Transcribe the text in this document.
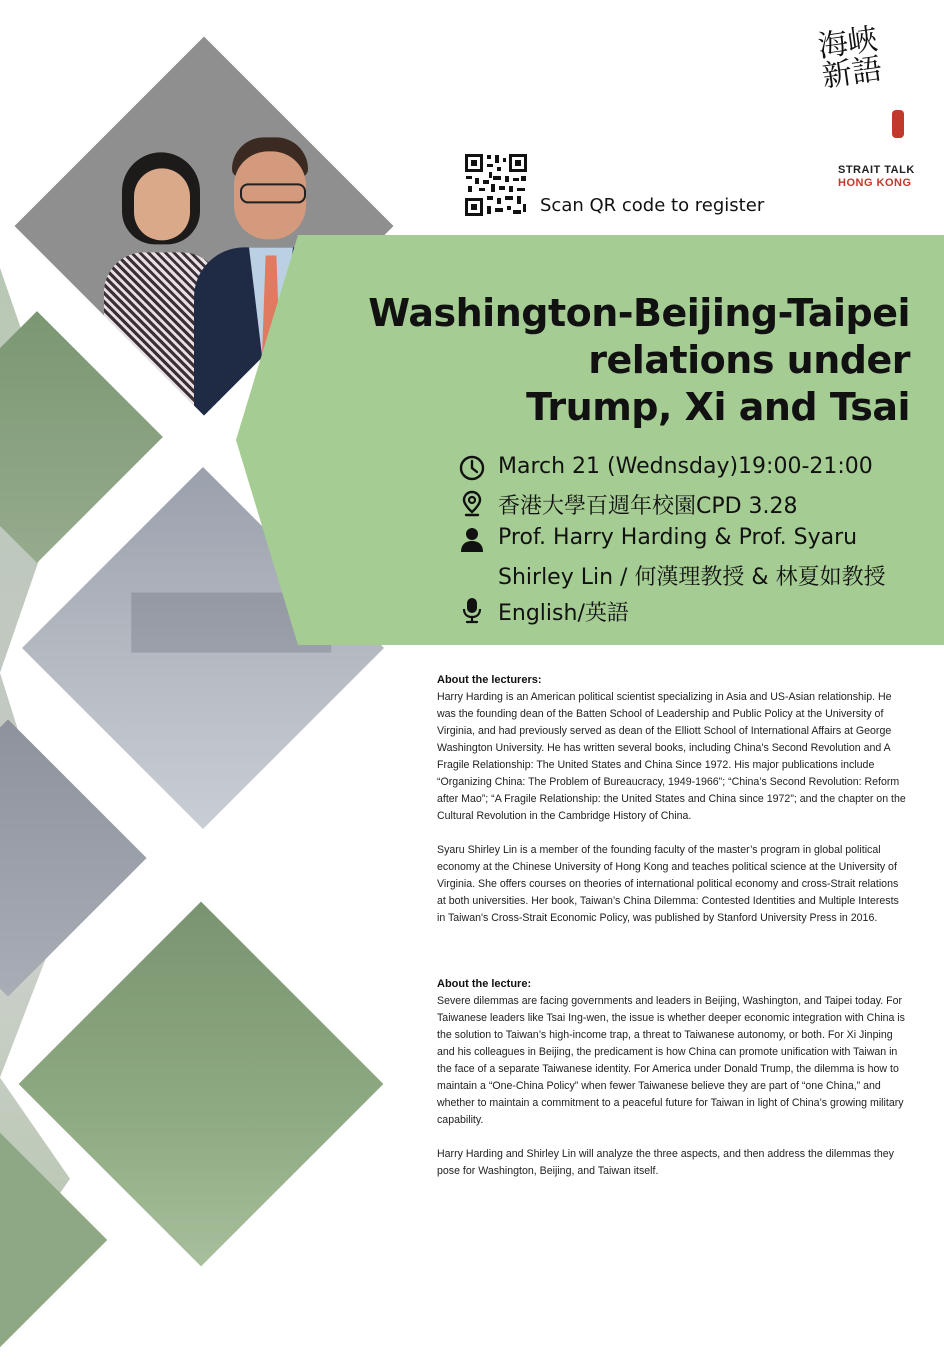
海峽新語
STRAIT TALK
HONG KONG
Scan QR code to register
Washington-Beijing-Taipei
relations under
Trump, Xi and Tsai
March 21 (Wednsday)19:00-21:00
香港大學百週年校園CPD 3.28
Prof. Harry Harding & Prof. Syaru
Shirley Lin / 何漢理教授 & 林夏如教授
English/英語
About the lecturers:

Harry Harding is an American political scientist specializing in Asia and US-Asian relationship. He was the founding dean of the Batten School of Leadership and Public Policy at the University of Virginia, and had previously served as dean of the Elliott School of International Affairs at George Washington University. He has written several books, including China's Second Revolution and A Fragile Relationship: The United States and China Since 1972. His major publications include “Organizing China: The Problem of Bureaucracy, 1949-1966”; “China’s Second Revolution: Reform after Mao”; “A Fragile Relationship: the United States and China since 1972”; and the chapter on the Cultural Revolution in the Cambridge History of China.

Syaru Shirley Lin is a member of the founding faculty of the master’s program in global political economy at the Chinese University of Hong Kong and teaches political science at the University of Virginia. She offers courses on theories of international political economy and cross-Strait relations at both universities. Her book, Taiwan’s China Dilemma: Contested Identities and Multiple Interests in Taiwan's Cross-Strait Economic Policy, was published by Stanford University Press in 2016.

About the lecture:

Severe dilemmas are facing governments and leaders in Beijing, Washington, and Taipei today. For Taiwanese leaders like Tsai Ing-wen, the issue is whether deeper economic integration with China is the solution to Taiwan’s high-income trap, a threat to Taiwanese autonomy, or both. For Xi Jinping and his colleagues in Beijing, the predicament is how China can promote unification with Taiwan in the face of a separate Taiwanese identity. For America under Donald Trump, the dilemma is how to maintain a “One-China Policy” when fewer Taiwanese believe they are part of “one China,” and whether to maintain a commitment to a peaceful future for Taiwan in light of China’s growing military capability.

Harry Harding and Shirley Lin will analyze the three aspects, and then address the dilemmas they pose for Washington, Beijing, and Taiwan itself.
